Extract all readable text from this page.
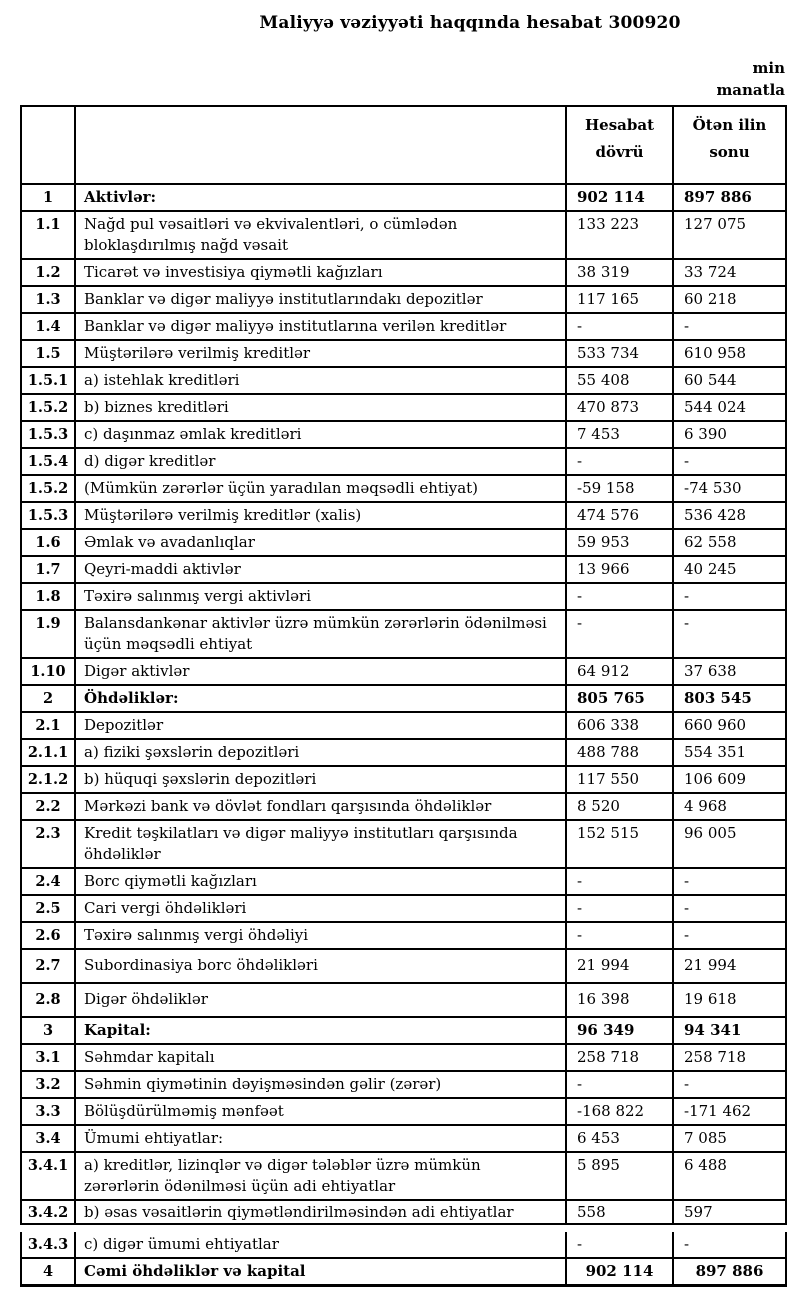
Maliyyə vəziyyəti haqqında hesabat 300920
min
manatla
		Hesabat dövrü	Ötən ilin sonu
1	Aktivlər:	902 114	897 886
1.1	Nağd pul vəsaitləri və ekvivalentləri, o cümlədən bloklaşdırılmış nağd vəsait	133 223	127 075
1.2	Ticarət və investisiya qiymətli kağızları	38 319	33 724
1.3	Banklar və digər maliyyə institutlarındakı depozitlər	117 165	60 218
1.4	Banklar və digər maliyyə institutlarına verilən kreditlər	-	-
1.5	Müştərilərə verilmiş kreditlər	533 734	610 958
1.5.1	a) istehlak kreditləri	55 408	60 544
1.5.2	b) biznes kreditləri	470 873	544 024
1.5.3	c) daşınmaz əmlak kreditləri	7 453	6 390
1.5.4	d) digər kreditlər	-	-
1.5.2	(Mümkün zərərlər üçün yaradılan məqsədli ehtiyat)	-59 158	-74 530
1.5.3	Müştərilərə verilmiş kreditlər (xalis)	474 576	536 428
1.6	Əmlak və avadanlıqlar	59 953	62 558
1.7	Qeyri-maddi aktivlər	13 966	40 245
1.8	Təxirə salınmış vergi aktivləri	-	-
1.9	Balansdankənar aktivlər üzrə mümkün zərərlərin ödənilməsi üçün məqsədli ehtiyat	-	-
1.10	Digər aktivlər	64 912	37 638
2	Öhdəliklər:	805 765	803 545
2.1	Depozitlər	606 338	660 960
2.1.1	a) fiziki şəxslərin depozitləri	488 788	554 351
2.1.2	b) hüquqi şəxslərin depozitləri	117 550	106 609
2.2	Mərkəzi bank və dövlət fondları qarşısında öhdəliklər	8 520	4 968
2.3	Kredit təşkilatları və digər maliyyə institutları qarşısında öhdəliklər	152 515	96 005
2.4	Borc qiymətli kağızları	-	-
2.5	Cari vergi öhdəlikləri	-	-
2.6	Təxirə salınmış vergi öhdəliyi	-	-
2.7	Subordinasiya borc öhdəlikləri	21 994	21 994
2.8	Digər öhdəliklər	16 398	19 618
3	Kapital:	96 349	94 341
3.1	Səhmdar kapitalı	258 718	258 718
3.2	Səhmin qiymətinin dəyişməsindən gəlir (zərər)	-	-
3.3	Bölüşdürülməmiş mənfəət	-168 822	-171 462
3.4	Ümumi ehtiyatlar:	6 453	7 085
3.4.1	a) kreditlər, lizinqlər və digər tələblər üzrə mümkün zərərlərin ödənilməsi üçün adi ehtiyatlar	5 895	6 488
3.4.2	b) əsas vəsaitlərin qiymətləndirilməsindən adi ehtiyatlar	558	597
3.4.3	c) digər ümumi ehtiyatlar	-	-
4	Cəmi öhdəliklər və kapital	902 114	897 886
